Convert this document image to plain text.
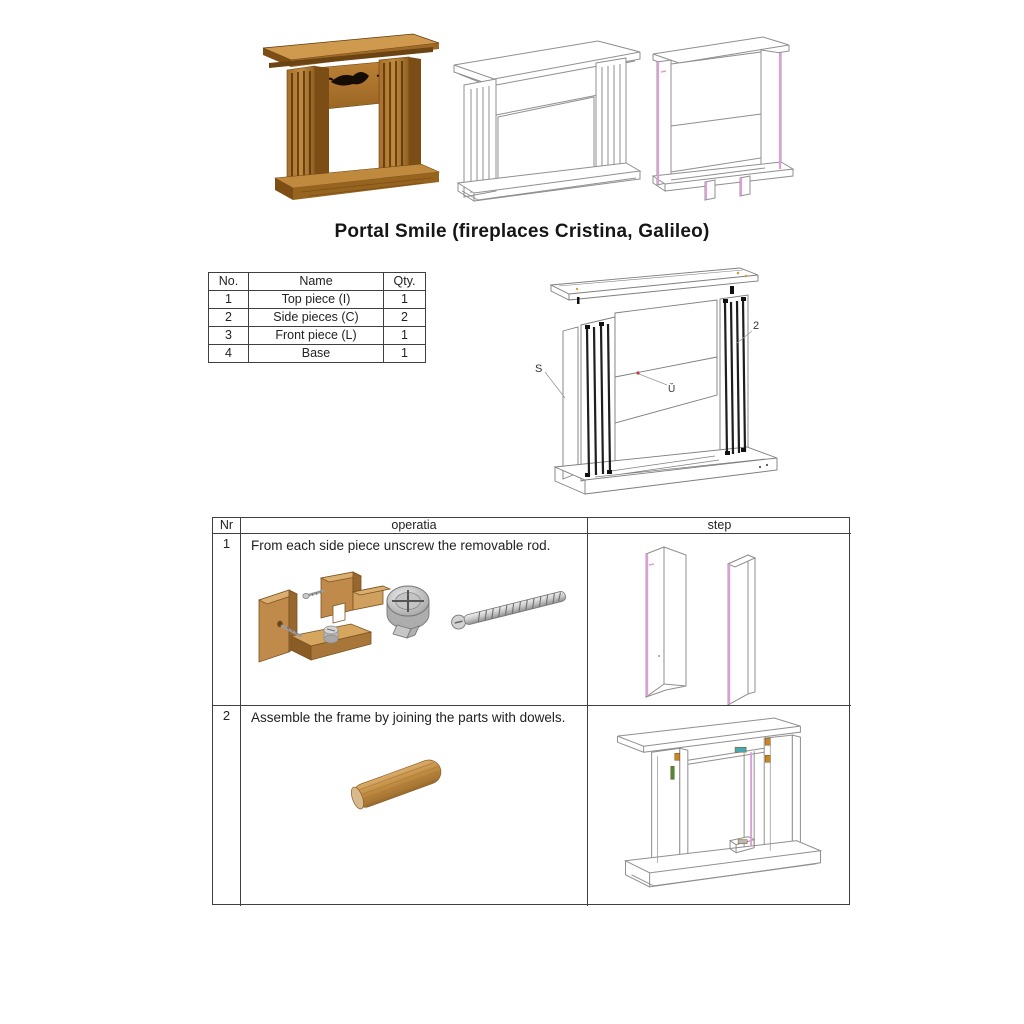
Portal Smile (fireplaces Cristina, Galileo)
No.	Name	Qty.
1	Top piece (I)	1
2	Side pieces (C)	2
3	Front piece (L)	1
4	Base	1
S
2
Ǔ
Nr	operatia	step
1	From each side piece unscrew the removable rod.
2	Assemble the frame by joining the parts with dowels.
